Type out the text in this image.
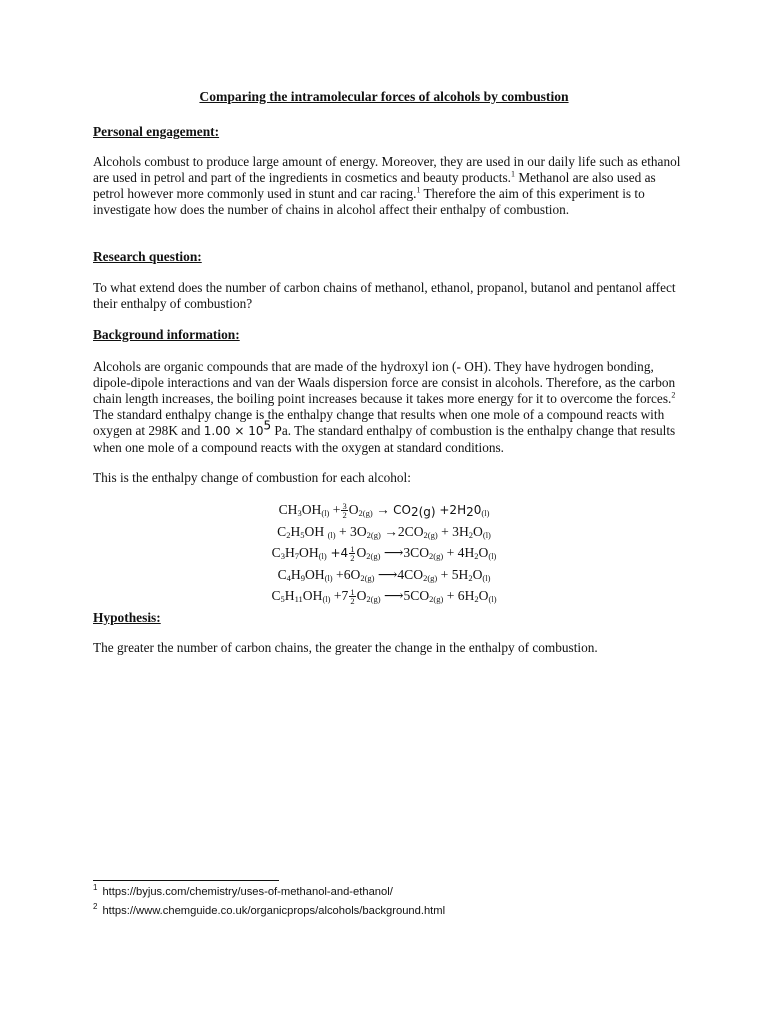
Comparing the intramolecular forces of alcohols by combustion
Personal engagement:
Alcohols combust to produce large amount of energy. Moreover, they are used in our daily life such as ethanol are used in petrol and part of the ingredients in cosmetics and beauty products.$^1$ Methanol are also used as petrol however more commonly used in stunt and car racing.$^1$ Therefore the aim of this experiment is to investigate how does the number of chains in alcohol affect their enthalpy of combustion.
Research question:
To what extend does the number of carbon chains of methanol, ethanol, propanol, butanol and pentanol affect their enthalpy of combustion?
Background information:
Alcohols are organic compounds that are made of the hydroxyl ion (- OH). They have hydrogen bonding, dipole-dipole interactions and van der Waals dispersion force are consist in alcohols. Therefore, as the carbon chain length increases, the boiling point increases because it takes more energy for it to overcome the forces.$^2$ The standard enthalpy change is the enthalpy change that results when one mole of a compound reacts with oxygen at 298K and 1.00 × 105 Pa. The standard enthalpy of combustion is the enthalpy change that results when one mole of a compound reacts with the oxygen at standard conditions.
This is the enthalpy change of combustion for each alcohol:
$CH_3OH_{(l)} + \frac{3}{2} O_{2(g)} \to CO_{2(g)} +2H_20_{(l)}$
$C_2H_5OH$ $_{(l)} + 3O_{2(g)} \to 2CO_{2(g)} + 3H_2O_{(l)}$
$C_3H_7OH_{(l)} +4 \frac{1}{2} O_{2(g)}$ $⟶3CO_{2(g)} + 4H_2O_{(l)}$
$C_4H_9OH_{(l)} +6O_{2(g)}$ $⟶4CO_{2(g)} + 5H_2O_{(l)}$
$C_5H_{11}OH_{(l)} +7 \frac{1}{2} O_{2(g)}$ $⟶5CO_{2(g)} + 6H_2O_{(l)}$
Hypothesis:
The greater the number of carbon chains, the greater the change in the enthalpy of combustion.
$^1$ https://byjus.com/chemistry/uses-of-methanol-and-ethanol/
$^2$ https://www.chemguide.co.uk/organicprops/alcohols/background.html
